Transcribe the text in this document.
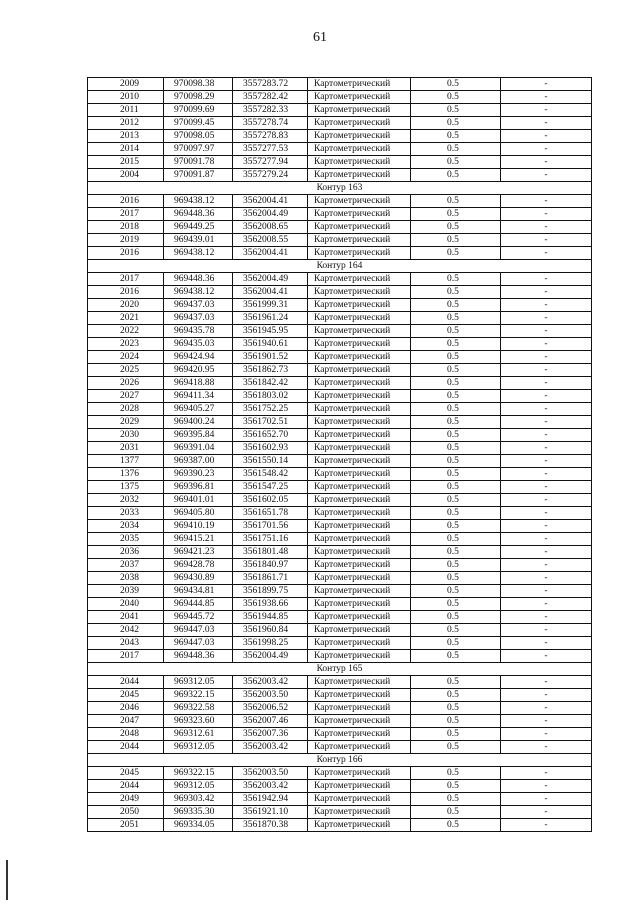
61
2009	970098.38	3557283.72	Картометрический	0.5	-
2010	970098.29	3557282.42	Картометрический	0.5	-
2011	970099.69	3557282.33	Картометрический	0.5	-
2012	970099.45	3557278.74	Картометрический	0.5	-
2013	970098.05	3557278.83	Картометрический	0.5	-
2014	970097.97	3557277.53	Картометрический	0.5	-
2015	970091.78	3557277.94	Картометрический	0.5	-
2004	970091.87	3557279.24	Картометрический	0.5	-
Контур 163					
2016	969438.12	3562004.41	Картометрический	0.5	-
2017	969448.36	3562004.49	Картометрический	0.5	-
2018	969449.25	3562008.65	Картометрический	0.5	-
2019	969439.01	3562008.55	Картометрический	0.5	-
2016	969438.12	3562004.41	Картометрический	0.5	-
Контур 164					
2017	969448.36	3562004.49	Картометрический	0.5	-
2016	969438.12	3562004.41	Картометрический	0.5	-
2020	969437.03	3561999.31	Картометрический	0.5	-
2021	969437.03	3561961.24	Картометрический	0.5	-
2022	969435.78	3561945.95	Картометрический	0.5	-
2023	969435.03	3561940.61	Картометрический	0.5	-
2024	969424.94	3561901.52	Картометрический	0.5	-
2025	969420.95	3561862.73	Картометрический	0.5	-
2026	969418.88	3561842.42	Картометрический	0.5	-
2027	969411.34	3561803.02	Картометрический	0.5	-
2028	969405.27	3561752.25	Картометрический	0.5	-
2029	969400.24	3561702.51	Картометрический	0.5	-
2030	969395.84	3561652.70	Картометрический	0.5	-
2031	969391.04	3561602.93	Картометрический	0.5	-
1377	969387.00	3561550.14	Картометрический	0.5	-
1376	969390.23	3561548.42	Картометрический	0.5	-
1375	969396.81	3561547.25	Картометрический	0.5	-
2032	969401.01	3561602.05	Картометрический	0.5	-
2033	969405.80	3561651.78	Картометрический	0.5	-
2034	969410.19	3561701.56	Картометрический	0.5	-
2035	969415.21	3561751.16	Картометрический	0.5	-
2036	969421.23	3561801.48	Картометрический	0.5	-
2037	969428.78	3561840.97	Картометрический	0.5	-
2038	969430.89	3561861.71	Картометрический	0.5	-
2039	969434.81	3561899.75	Картометрический	0.5	-
2040	969444.85	3561938.66	Картометрический	0.5	-
2041	969445.72	3561944.85	Картометрический	0.5	-
2042	969447.03	3561960.84	Картометрический	0.5	-
2043	969447.03	3561998.25	Картометрический	0.5	-
2017	969448.36	3562004.49	Картометрический	0.5	-
Контур 165					
2044	969312.05	3562003.42	Картометрический	0.5	-
2045	969322.15	3562003.50	Картометрический	0.5	-
2046	969322.58	3562006.52	Картометрический	0.5	-
2047	969323.60	3562007.46	Картометрический	0.5	-
2048	969312.61	3562007.36	Картометрический	0.5	-
2044	969312.05	3562003.42	Картометрический	0.5	-
Контур 166					
2045	969322.15	3562003.50	Картометрический	0.5	-
2044	969312.05	3562003.42	Картометрический	0.5	-
2049	969303.42	3561942.94	Картометрический	0.5	-
2050	969335.30	3561921.10	Картометрический	0.5	-
2051	969334.05	3561870.38	Картометрический	0.5	-
